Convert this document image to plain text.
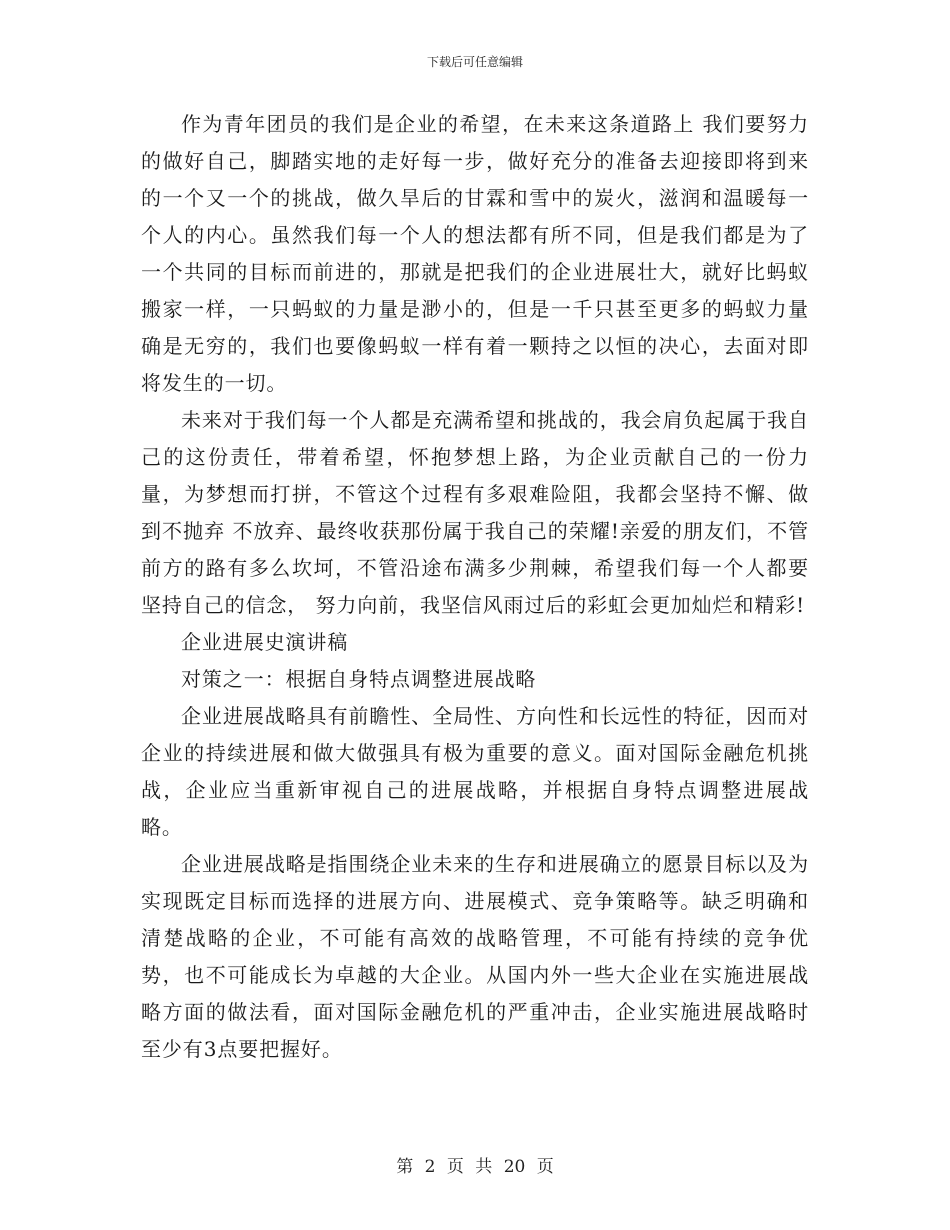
下载后可任意编辑

作为青年团员的我们是企业的希望，在未来这条道路上 我们要努力的做好自己，脚踏实地的走好每一步，做好充分的准备去迎接即将到来的一个又一个的挑战，做久旱后的甘霖和雪中的炭火，滋润和温暖每一个人的内心。虽然我们每一个人的想法都有所不同，但是我们都是为了一个共同的目标而前进的，那就是把我们的企业进展壮大，就好比蚂蚁搬家一样，一只蚂蚁的力量是渺小的，但是一千只甚至更多的蚂蚁力量确是无穷的，我们也要像蚂蚁一样有着一颗持之以恒的决心，去面对即将发生的一切。

未来对于我们每一个人都是充满希望和挑战的，我会肩负起属于我自己的这份责任，带着希望，怀抱梦想上路，为企业贡献自己的一份力量，为梦想而打拼，不管这个过程有多艰难险阻，我都会坚持不懈、做到不抛弃 不放弃、最终收获那份属于我自己的荣耀!亲爱的朋友们，不管前方的路有多么坎坷，不管沿途布满多少荆棘，希望我们每一个人都要坚持自己的信念， 努力向前，我坚信风雨过后的彩虹会更加灿烂和精彩!

企业进展史演讲稿

对策之一：根据自身特点调整进展战略

企业进展战略具有前瞻性、全局性、方向性和长远性的特征，因而对企业的持续进展和做大做强具有极为重要的意义。面对国际金融危机挑战，企业应当重新审视自己的进展战略，并根据自身特点调整进展战略。

企业进展战略是指围绕企业未来的生存和进展确立的愿景目标以及为实现既定目标而选择的进展方向、进展模式、竞争策略等。缺乏明确和清楚战略的企业，不可能有高效的战略管理，不可能有持续的竞争优势，也不可能成长为卓越的大企业。从国内外一些大企业在实施进展战略方面的做法看，面对国际金融危机的严重冲击，企业实施进展战略时至少有3点要把握好。

第 2 页 共 20 页
